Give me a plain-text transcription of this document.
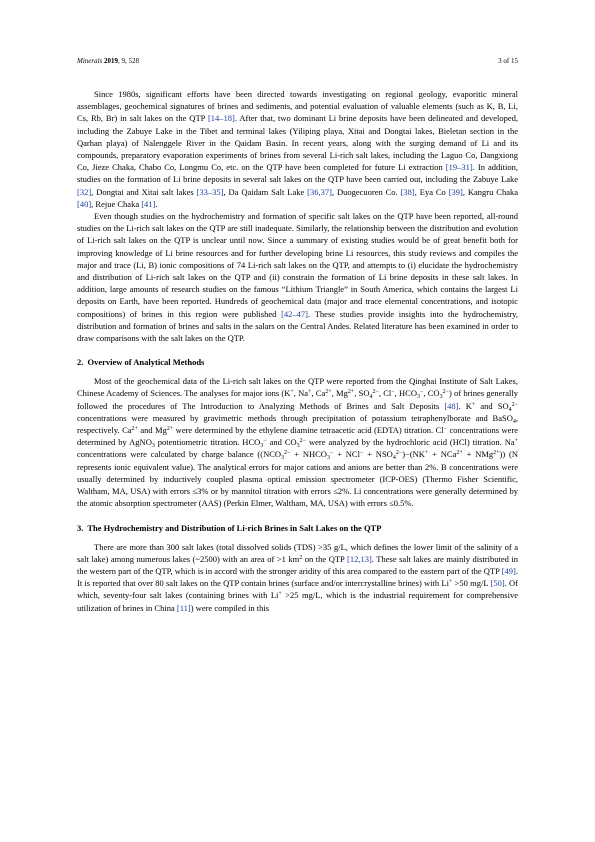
Minerals 2019, 9, 528	3 of 15

Since 1980s, significant efforts have been directed towards investigating on regional geology, evaporitic mineral assemblages, geochemical signatures of brines and sediments, and potential evaluation of valuable elements (such as K, B, Li, Cs, Rb, Br) in salt lakes on the QTP [14–18]. After that, two dominant Li brine deposits have been delineated and developed, including the Zabuye Lake in the Tibet and terminal lakes (Yiliping playa, Xitai and Dongtai lakes, Bieletan section in the Qarhan playa) of Nalenggele River in the Qaidam Basin. In recent years, along with the surging demand of Li and its compounds, preparatory evaporation experiments of brines from several Li-rich salt lakes, including the Laguo Co, Dangxiong Co, Jieze Chaka, Chabo Co, Longmu Co, etc. on the QTP have been completed for future Li extraction [19–31]. In addition, studies on the formation of Li brine deposits in several salt lakes on the QTP have been carried out, including the Zabuye Lake [32], Dongtai and Xitai salt lakes [33–35], Da Qaidam Salt Lake [36,37], Duogecuoren Co. [38], Eya Co [39], Kangru Chaka [40], Rejue Chaka [41].

Even though studies on the hydrochemistry and formation of specific salt lakes on the QTP have been reported, all-round studies on the Li-rich salt lakes on the QTP are still inadequate. Similarly, the relationship between the distribution and evolution of Li-rich salt lakes on the QTP is unclear until now. Since a summary of existing studies would be of great benefit both for improving knowledge of Li brine resources and for further developing brine Li resources, this study reviews and compiles the major and trace (Li, B) ionic compositions of 74 Li-rich salt lakes on the QTP, and attempts to (i) elucidate the hydrochemistry and distribution of Li-rich salt lakes on the QTP and (ii) constrain the formation of Li brine deposits in these salt lakes. In addition, large amounts of research studies on the famous “Lithium Triangle” in South America, which contains the largest Li deposits on Earth, have been reported. Hundreds of geochemical data (major and trace elemental concentrations, and isotopic compositions) of brines in this region were published [42–47]. These studies provide insights into the hydrochemistry, distribution and formation of brines and salts in the salars on the Central Andes. Related literature has been examined in order to draw comparisons with the salt lakes on the QTP.

2. Overview of Analytical Methods

Most of the geochemical data of the Li-rich salt lakes on the QTP were reported from the Qinghai Institute of Salt Lakes, Chinese Academy of Sciences. The analyses for major ions (K+, Na+, $Ca^{2+}$, $Mg^{2+}$, $SO_4^{2-}$, Cl−, $HCO_3^-$, $CO_3^{2-}$) of brines generally followed the procedures of The Introduction to Analyzing Methods of Brines and Salt Deposits [48]. K+ and $SO_4^{2-}$ concentrations were measured by gravimetric methods through precipitation of potassium tetraphenylborate and BaSO$_4$, respectively. $Ca^{2+}$ and $Mg^{2+}$ were determined by the ethylene diamine tetraacetic acid (EDTA) titration. Cl− concentrations were determined by AgNO$_3$ potentiometric titration. $HCO_3^-$ and $CO_3^{2-}$ were analyzed by the hydrochloric acid (HCl) titration. Na+ concentrations were calculated by charge balance (($NCO_3^{2-}$ + $NHCO_3^- + NCl^- + NSO_4^{2-})-(NK^+ + NCa^{2+} + NMg^{2+})$) (N represents ionic equivalent value). The analytical errors for major cations and anions are better than 2%. B concentrations were usually determined by inductively coupled plasma optical emission spectrometer (ICP-OES) (Thermo Fisher Scientific, Waltham, MA, USA) with errors ≤3% or by mannitol titration with errors ≤2%. Li concentrations were generally determined by the atomic absorption spectrometer (AAS) (Perkin Elmer, Waltham, MA, USA) with errors ≤0.5%.

3. The Hydrochemistry and Distribution of Li-rich Brines in Salt Lakes on the QTP

There are more than 300 salt lakes (total dissolved solids (TDS) >35 g/L, which defines the lower limit of the salinity of a salt lake) among numerous lakes (~2500) with an area of >1 $km^2$ on the QTP [12,13]. These salt lakes are mainly distributed in the western part of the QTP, which is in accord with the stronger aridity of this area compared to the eastern part of the QTP [49]. It is reported that over 80 salt lakes on the QTP contain brines (surface and/or intercrystalline brines) with Li+ >50 mg/L [50]. Of which, seventy-four salt lakes (containing brines with Li+ >25 mg/L, which is the industrial requirement for comprehensive utilization of brines in China [11]) were compiled in this
